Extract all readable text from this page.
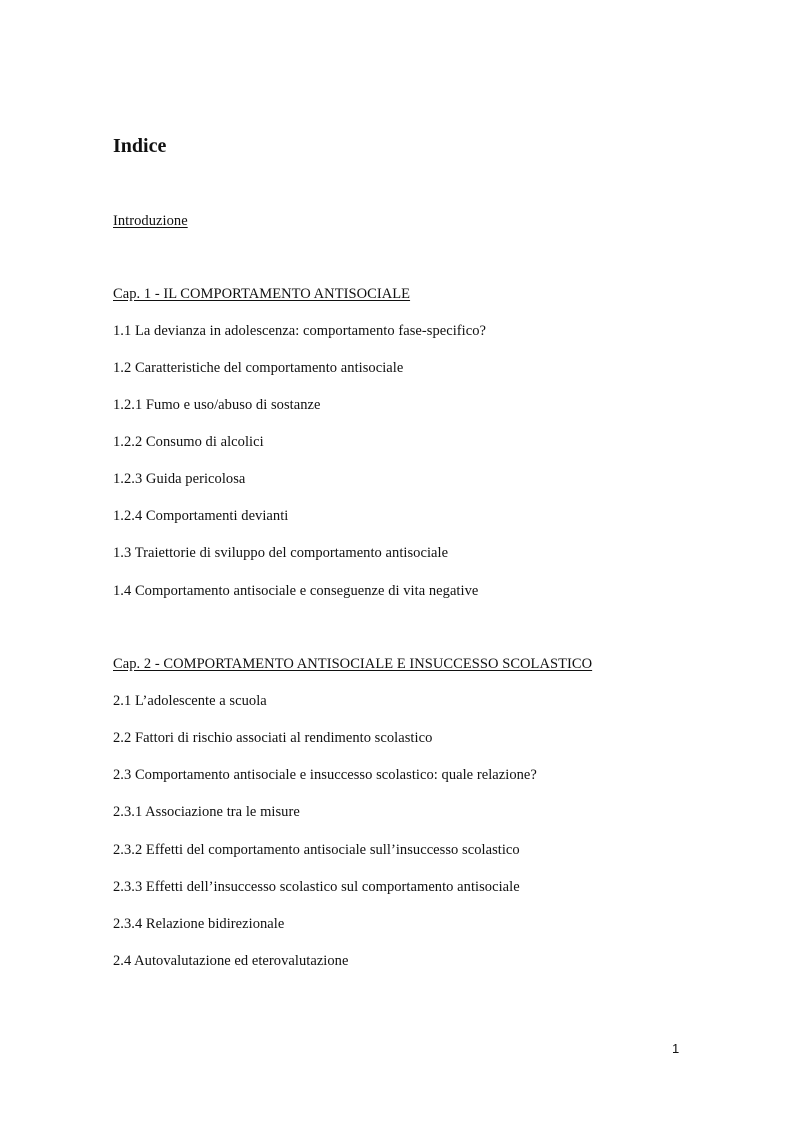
Indice
Introduzione
Cap. 1 - IL COMPORTAMENTO ANTISOCIALE
1.1 La devianza in adolescenza: comportamento fase-specifico?
1.2 Caratteristiche del comportamento antisociale
1.2.1 Fumo e uso/abuso di sostanze
1.2.2 Consumo di alcolici
1.2.3 Guida pericolosa
1.2.4 Comportamenti devianti
1.3 Traiettorie di sviluppo del comportamento antisociale
1.4 Comportamento antisociale e conseguenze di vita negative
Cap. 2 - COMPORTAMENTO ANTISOCIALE E INSUCCESSO SCOLASTICO
2.1 L’adolescente a scuola
2.2 Fattori di rischio associati al rendimento scolastico
2.3 Comportamento antisociale e insuccesso scolastico: quale relazione?
2.3.1 Associazione tra le misure
2.3.2 Effetti del comportamento antisociale sull’insuccesso scolastico
2.3.3 Effetti dell’insuccesso scolastico sul comportamento antisociale
2.3.4 Relazione bidirezionale
2.4 Autovalutazione ed eterovalutazione
1
